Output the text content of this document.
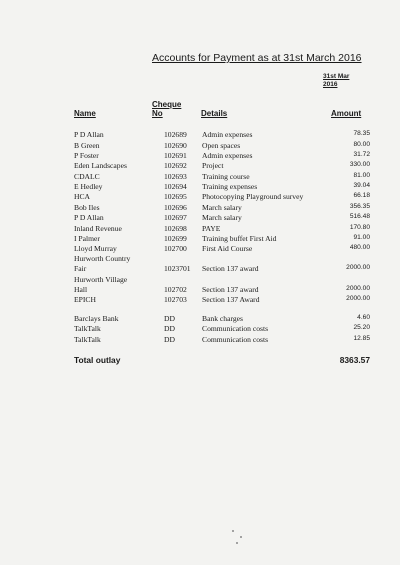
Accounts for Payment as at 31st March 2016
31st Mar
2016
Name
Cheque
No	Details	Amount
P D Allan	102689 Admin expenses	78.35
B Green	102690 Open spaces	80.00
P Foster	102691 Admin expenses	31.72
Eden Landscapes	102692 Project	330.00
CDALC	102693 Training course	81.00
E Hedley	102694 Training expenses	39.04
HCA	102695 Photocopying Playground survey	66.18
Bob Iles	102696 March salary	356.35
P D Allan	102697 March salary	516.48
Inland Revenue	102698 PAYE	170.80
I Palmer	102699 Training buffet First Aid	91.00
Lloyd Murray	102700 First Aid Course	480.00
Hurworth Country
Fair	1023701 Section 137 award	2000.00
Hurworth Village
Hall	102702 Section 137 award	2000.00
EPICH	102703 Section 137 Award	2000.00
Barclays Bank	DD	Bank charges	4.60
TalkTalk	DD	Communication costs	25.20
TalkTalk	DD	Communication costs	12.85
Total outlay	8363.57
